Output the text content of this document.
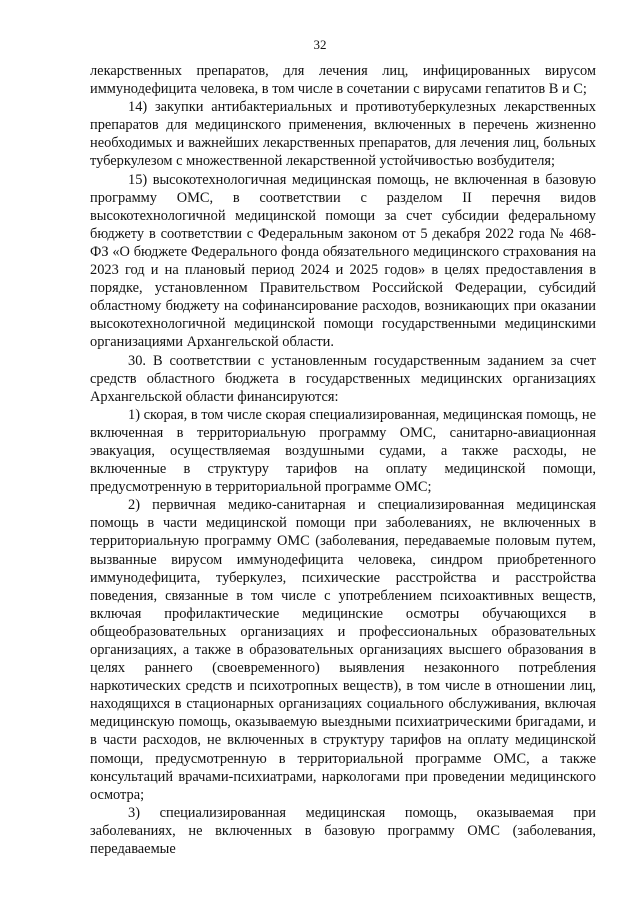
32

лекарственных препаратов, для лечения лиц, инфицированных вирусом иммунодефицита человека, в том числе в сочетании с вирусами гепатитов B и C;

14) закупки антибактериальных и противотуберкулезных лекарственных препаратов для медицинского применения, включенных в перечень жизненно необходимых и важнейших лекарственных препаратов, для лечения лиц, больных туберкулезом с множественной лекарственной устойчивостью возбудителя;

15) высокотехнологичная медицинская помощь, не включенная в базовую программу ОМС, в соответствии с разделом II перечня видов высокотехнологичной медицинской помощи за счет субсидии федеральному бюджету в соответствии с Федеральным законом от 5 декабря 2022 года № 468-ФЗ «О бюджете Федерального фонда обязательного медицинского страхования на 2023 год и на плановый период 2024 и 2025 годов» в целях предоставления в порядке, установленном Правительством Российской Федерации, субсидий областному бюджету на софинансирование расходов, возникающих при оказании высокотехнологичной медицинской помощи государственными медицинскими организациями Архангельской области.

30. В соответствии с установленным государственным заданием за счет средств областного бюджета в государственных медицинских организациях Архангельской области финансируются:

1) скорая, в том числе скорая специализированная, медицинская помощь, не включенная в территориальную программу ОМС, санитарно-авиационная эвакуация, осуществляемая воздушными судами, а также расходы, не включенные в структуру тарифов на оплату медицинской помощи, предусмотренную в территориальной программе ОМС;

2) первичная медико-санитарная и специализированная медицинская помощь в части медицинской помощи при заболеваниях, не включенных в территориальную программу ОМС (заболевания, передаваемые половым путем, вызванные вирусом иммунодефицита человека, синдром приобретенного иммунодефицита, туберкулез, психические расстройства и расстройства поведения, связанные в том числе с употреблением психоактивных веществ, включая профилактические медицинские осмотры обучающихся в общеобразовательных организациях и профессиональных образовательных организациях, а также в образовательных организациях высшего образования в целях раннего (своевременного) выявления незаконного потребления наркотических средств и психотропных веществ), в том числе в отношении лиц, находящихся в стационарных организациях социального обслуживания, включая медицинскую помощь, оказываемую выездными психиатрическими бригадами, и в части расходов, не включенных в структуру тарифов на оплату медицинской помощи, предусмотренную в территориальной программе ОМС, а также консультаций врачами-психиатрами, наркологами при проведении медицинского осмотра;

3) специализированная медицинская помощь, оказываемая при заболеваниях, не включенных в базовую программу ОМС (заболевания, передаваемые
